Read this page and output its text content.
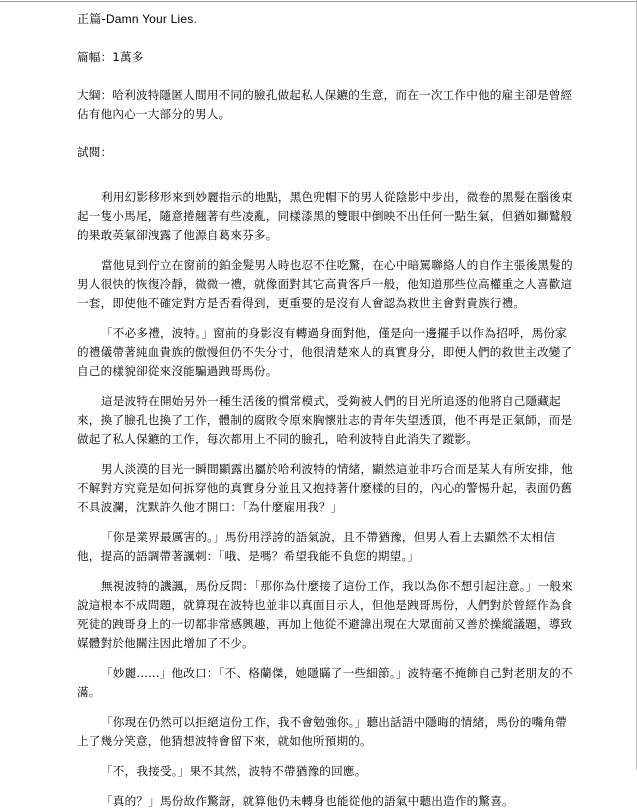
正篇-Damn Your Lies.

篇幅：1萬多

大綱：哈利波特隱匿人間用不同的臉孔做起私人保鑣的生意，而在一次工作中他的雇主卻是曾經佔有他內心一大部分的男人。

試閱：

利用幻影移形來到妙麗指示的地點，黑色兜帽下的男人從陰影中步出，微卷的黑髮在腦後束起一隻小馬尾，隨意捲翹著有些凌亂，同樣漆黑的雙眼中倒映不出任何一點生氣，但猶如獅鷲般的果敢英氣卻洩露了他源自葛來芬多。

當他見到佇立在窗前的鉑金髮男人時也忍不住吃驚，在心中暗罵聯絡人的自作主張後黑髮的男人很快的恢復冷靜，微微一禮，就像面對其它高貴客戶一般，他知道那些位高權重之人喜歡這一套，即使他不確定對方是否看得到，更重要的是沒有人會認為救世主會對貴族行禮。

「不必多禮，波特。」窗前的身影沒有轉過身面對他，僅是向一邊擺手以作為招呼，馬份家的禮儀帶著純血貴族的傲慢但仍不失分寸，他很清楚來人的真實身分，即便人們的救世主改變了自己的樣貌卻從來沒能騙過跩哥馬份。

這是波特在開始另外一種生活後的慣常模式，受夠被人們的目光所追逐的他將自己隱藏起來，換了臉孔也換了工作，體制的腐敗令原來胸懷壯志的青年失望透頂，他不再是正氣師，而是做起了私人保鑣的工作，每次都用上不同的臉孔，哈利波特自此消失了蹤影。

男人淡漠的目光一瞬間顯露出屬於哈利波特的情緒，顯然這並非巧合而是某人有所安排，他不解對方究竟是如何拆穿他的真實身分並且又抱持著什麼樣的目的，內心的警惕升起，表面仍舊不具波瀾，沈默許久他才開口：「為什麼雇用我？」

「你是業界最厲害的。」馬份用浮誇的語氣說，且不帶猶豫，但男人看上去顯然不太相信他，提高的語調帶著諷刺：「哦、是嗎？希望我能不負您的期望。」

無視波特的譏諷，馬份反問：「那你為什麼接了這份工作，我以為你不想引起注意。」一般來說這根本不成問題，就算現在波特也並非以真面目示人，但他是跩哥馬份，人們對於曾經作為食死徒的跩哥身上的一切都非常感興趣，再加上他從不避諱出現在大眾面前又善於操縱議題，導致媒體對於他關注因此增加了不少。

「妙麗......」他改口：「不、格蘭傑，她隱瞞了一些細節。」波特毫不掩飾自己對老朋友的不滿。

「你現在仍然可以拒絕這份工作，我不會勉強你。」聽出話語中隱晦的情緒，馬份的嘴角帶上了幾分笑意，他猜想波特會留下來，就如他所預期的。

「不，我接受。」果不其然，波特不帶猶豫的回應。

「真的？」馬份故作驚訝，就算他仍未轉身也能從他的語氣中聽出造作的驚喜。
